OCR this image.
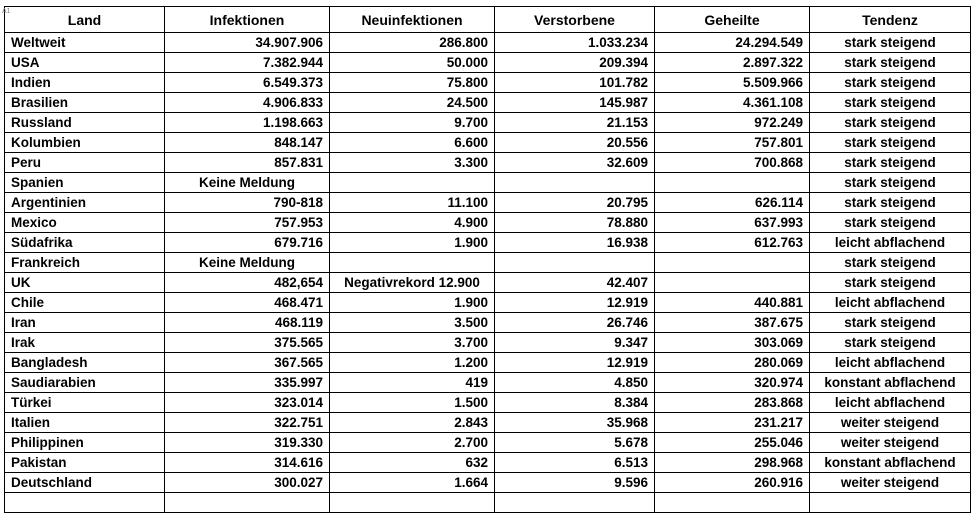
A1	Land	Infektionen	Neuinfektionen	Verstorbene	Geheilte	Tendenz
Weltweit	34.907.906	286.800	1.033.234	24.294.549	stark steigend
USA	7.382.944	50.000	209.394	2.897.322	stark steigend
Indien	6.549.373	75.800	101.782	5.509.966	stark steigend
Brasilien	4.906.833	24.500	145.987	4.361.108	stark steigend
Russland	1.198.663	9.700	21.153	972.249	stark steigend
Kolumbien	848.147	6.600	20.556	757.801	stark steigend
Peru	857.831	3.300	32.609	700.868	stark steigend
Spanien	Keine Meldung				stark steigend
Argentinien	790-818	11.100	20.795	626.114	stark steigend
Mexico	757.953	4.900	78.880	637.993	stark steigend
Südafrika	679.716	1.900	16.938	612.763	leicht abflachend
Frankreich	Keine Meldung				stark steigend
UK	482,654	Negativrekord 12.900	42.407		stark steigend
Chile	468.471	1.900	12.919	440.881	leicht abflachend
Iran	468.119	3.500	26.746	387.675	stark steigend
Irak	375.565	3.700	9.347	303.069	stark steigend
Bangladesh	367.565	1.200	12.919	280.069	leicht abflachend
Saudiarabien	335.997	419	4.850	320.974	konstant abflachend
Türkei	323.014	1.500	8.384	283.868	leicht abflachend
Italien	322.751	2.843	35.968	231.217	weiter steigend
Philippinen	319.330	2.700	5.678	255.046	weiter steigend
Pakistan	314.616	632	6.513	298.968	konstant abflachend
Deutschland	300.027	1.664	9.596	260.916	weiter steigend
